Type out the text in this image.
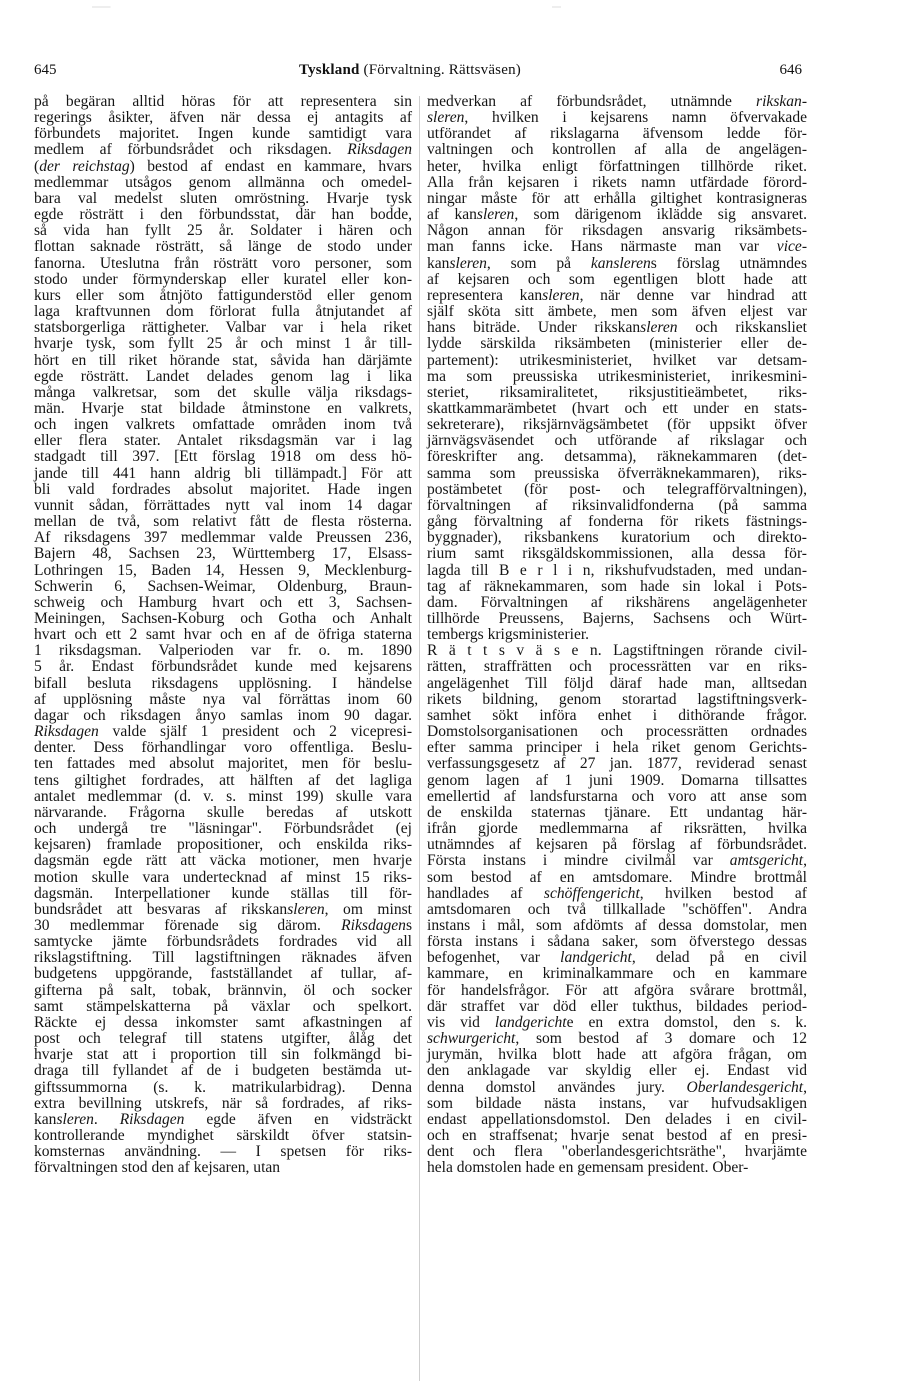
645	Tyskland (Förvaltning. Rättsväsen)	646
på begäran alltid höras för att representera sin
regerings åsikter, äfven när dessa ej antagits af
förbundets majoritet. Ingen kunde samtidigt vara
medlem af förbundsrådet och riksdagen. Riksdagen
(der reichstag) bestod af endast en kammare, hvars
medlemmar utsågos genom allmänna och omedel-
bara val medelst sluten omröstning. Hvarje tysk
egde rösträtt i den förbundsstat, där han bodde,
så vida han fyllt 25 år. Soldater i hären och
flottan saknade rösträtt, så länge de stodo under
fanorna. Uteslutna från rösträtt voro personer, som
stodo under förmynderskap eller kuratel eller kon-
kurs eller som åtnjöto fattigunderstöd eller genom
laga kraftvunnen dom förlorat fulla åtnjutandet af
statsborgerliga rättigheter. Valbar var i hela riket
hvarje tysk, som fyllt 25 år och minst 1 år till-
hört en till riket hörande stat, såvida han därjämte
egde rösträtt. Landet delades genom lag i lika
många valkretsar, som det skulle välja riksdags-
män. Hvarje stat bildade åtminstone en valkrets,
och ingen valkrets omfattade områden inom två
eller flera stater. Antalet riksdagsmän var i lag
stadgadt till 397. [Ett förslag 1918 om dess hö-
jande till 441 hann aldrig bli tillämpadt.] För att
bli vald fordrades absolut majoritet. Hade ingen
vunnit sådan, förrättades nytt val inom 14 dagar
mellan de två, som relativt fått de flesta rösterna.
Af riksdagens 397 medlemmar valde Preussen 236,
Bajern 48, Sachsen 23, Württemberg 17, Elsass-
Lothringen 15, Baden 14, Hessen 9, Mecklenburg-
Schwerin 6, Sachsen-Weimar, Oldenburg, Braun-
schweig och Hamburg hvart och ett 3, Sachsen-
Meiningen, Sachsen-Koburg och Gotha och Anhalt
hvart och ett 2 samt hvar och en af de öfriga staterna
1 riksdagsman. Valperioden var fr. o. m. 1890
5 år. Endast förbundsrådet kunde med kejsarens
bifall besluta riksdagens upplösning. I händelse
af upplösning måste nya val förrättas inom 60
dagar och riksdagen ånyo samlas inom 90 dagar.
Riksdagen valde själf 1 president och 2 vicepresi-
denter. Dess förhandlingar voro offentliga. Beslu-
ten fattades med absolut majoritet, men för beslu-
tens giltighet fordrades, att hälften af det lagliga
antalet medlemmar (d. v. s. minst 199) skulle vara
närvarande. Frågorna skulle beredas af utskott
och undergå tre "läsningar". Förbundsrådet (ej
kejsaren) framlade propositioner, och enskilda riks-
dagsmän egde rätt att väcka motioner, men hvarje
motion skulle vara undertecknad af minst 15 riks-
dagsmän. Interpellationer kunde ställas till för-
bundsrådet att besvaras af rikskansleren, om minst
30 medlemmar förenade sig därom. Riksdagens
samtycke jämte förbundsrådets fordrades vid all
rikslagstiftning. Till lagstiftningen räknades äfven
budgetens uppgörande, fastställandet af tullar, af-
gifterna på salt, tobak, brännvin, öl och socker
samt stämpelskatterna på växlar och spelkort.
Räckte ej dessa inkomster samt afkastningen af
post och telegraf till statens utgifter, ålåg det
hvarje stat att i proportion till sin folkmängd bi-
draga till fyllandet af de i budgeten bestämda ut-
giftssummorna (s. k. matrikularbidrag). Denna
extra bevillning utskrefs, när så fordrades, af riks-
kansleren. Riksdagen egde äfven en vidsträckt
kontrollerande myndighet särskildt öfver statsin-
komsternas användning. — I spetsen för riks-
förvaltningen stod den af kejsaren, utan
medverkan af förbundsrådet, utnämnde rikskan-
sleren, hvilken i kejsarens namn öfvervakade
utförandet af rikslagarna äfvensom ledde för-
valtningen och kontrollen af alla de angelägen-
heter, hvilka enligt författningen tillhörde riket.
Alla från kejsaren i rikets namn utfärdade förord-
ningar måste för att erhålla giltighet kontrasigneras
af kansleren, som därigenom iklädde sig ansvaret.
Någon annan för riksdagen ansvarig riksämbets-
man fanns icke. Hans närmaste man var vice-
kansleren, som på kanslerens förslag utnämndes
af kejsaren och som egentligen blott hade att
representera kansleren, när denne var hindrad att
själf sköta sitt ämbete, men som äfven eljest var
hans biträde. Under rikskansleren och rikskansliet
lydde särskilda riksämbeten (ministerier eller de-
partement): utrikesministeriet, hvilket var detsam-
ma som preussiska utrikesministeriet, inrikesmini-
steriet, riksamiralitetet, riksjustitieämbetet, riks-
skattkammarämbetet (hvart och ett under en stats-
sekreterare), riksjärnvägsämbetet (för uppsikt öfver
järnvägsväsendet och utförande af rikslagar och
föreskrifter ang. detsamma), räknekammaren (det-
samma som preussiska öfverräknekammaren), riks-
postämbetet (för post- och telegrafförvaltningen),
förvaltningen af riksinvalidfonderna (på samma
gång förvaltning af fonderna för rikets fästnings-
byggnader), riksbankens kuratorium och direkto-
rium samt riksgäldskommissionen, alla dessa för-
lagda till B e r l i n, rikshufvudstaden, med undan-
tag af räknekammaren, som hade sin lokal i Pots-
dam. Förvaltningen af rikshärens angelägenheter
tillhörde Preussens, Bajerns, Sachsens och Würt-
tembergs krigsministerier.
R ä t t s v ä s e n. Lagstiftningen rörande civil-
rätten, straffrätten och processrätten var en riks-
angelägenhet Till följd däraf hade man, alltsedan
rikets bildning, genom storartad lagstiftningsverk-
samhet sökt införa enhet i dithörande frågor.
Domstolsorganisationen och processrätten ordnades
efter samma principer i hela riket genom Gerichts-
verfassungsgesetz af 27 jan. 1877, reviderad senast
genom lagen af 1 juni 1909. Domarna tillsattes
emellertid af landsfurstarna och voro att anse som
de enskilda staternas tjänare. Ett undantag här-
ifrån gjorde medlemmarna af riksrätten, hvilka
utnämndes af kejsaren på förslag af förbundsrådet.
Första instans i mindre civilmål var amtsgericht,
som bestod af en amtsdomare. Mindre brottmål
handlades af schöffengericht, hvilken bestod af
amtsdomaren och två tillkallade "schöffen". Andra
instans i mål, som afdömts af dessa domstolar, men
första instans i sådana saker, som öfverstego dessas
befogenhet, var landgericht, delad på en civil
kammare, en kriminalkammare och en kammare
för handelsfrågor. För att afgöra svårare brottmål,
där straffet var död eller tukthus, bildades period-
vis vid landgerichte en extra domstol, den s. k.
schwurgericht, som bestod af 3 domare och 12
jurymän, hvilka blott hade att afgöra frågan, om
den anklagade var skyldig eller ej. Endast vid
denna domstol användes jury. Oberlandesgericht,
som bildade nästa instans, var hufvudsakligen
endast appellationsdomstol. Den delades i en civil-
och en straffsenat; hvarje senat bestod af en presi-
dent och flera "oberlandesgerichtsräthe", hvarjämte
hela domstolen hade en gemensam president. Ober-
